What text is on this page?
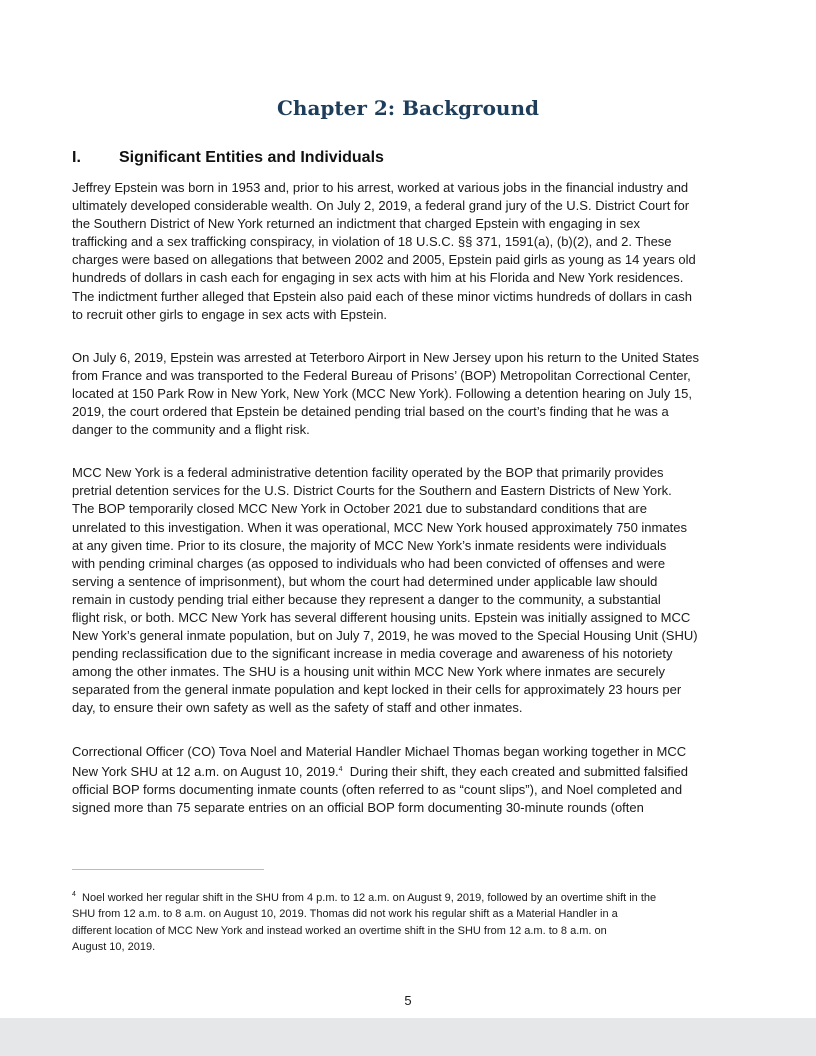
Chapter 2: Background
I. Significant Entities and Individuals
Jeffrey Epstein was born in 1953 and, prior to his arrest, worked at various jobs in the financial industry and
ultimately developed considerable wealth. On July 2, 2019, a federal grand jury of the U.S. District Court for
the Southern District of New York returned an indictment that charged Epstein with engaging in sex
trafficking and a sex trafficking conspiracy, in violation of 18 U.S.C. §§ 371, 1591(a), (b)(2), and 2. These
charges were based on allegations that between 2002 and 2005, Epstein paid girls as young as 14 years old
hundreds of dollars in cash each for engaging in sex acts with him at his Florida and New York residences.
The indictment further alleged that Epstein also paid each of these minor victims hundreds of dollars in cash
to recruit other girls to engage in sex acts with Epstein.
On July 6, 2019, Epstein was arrested at Teterboro Airport in New Jersey upon his return to the United States
from France and was transported to the Federal Bureau of Prisons’ (BOP) Metropolitan Correctional Center,
located at 150 Park Row in New York, New York (MCC New York). Following a detention hearing on July 15,
2019, the court ordered that Epstein be detained pending trial based on the court’s finding that he was a
danger to the community and a flight risk.
MCC New York is a federal administrative detention facility operated by the BOP that primarily provides
pretrial detention services for the U.S. District Courts for the Southern and Eastern Districts of New York.
The BOP temporarily closed MCC New York in October 2021 due to substandard conditions that are
unrelated to this investigation. When it was operational, MCC New York housed approximately 750 inmates
at any given time. Prior to its closure, the majority of MCC New York’s inmate residents were individuals
with pending criminal charges (as opposed to individuals who had been convicted of offenses and were
serving a sentence of imprisonment), but whom the court had determined under applicable law should
remain in custody pending trial either because they represent a danger to the community, a substantial
flight risk, or both. MCC New York has several different housing units. Epstein was initially assigned to MCC
New York’s general inmate population, but on July 7, 2019, he was moved to the Special Housing Unit (SHU)
pending reclassification due to the significant increase in media coverage and awareness of his notoriety
among the other inmates. The SHU is a housing unit within MCC New York where inmates are securely
separated from the general inmate population and kept locked in their cells for approximately 23 hours per
day, to ensure their own safety as well as the safety of staff and other inmates.
Correctional Officer (CO) Tova Noel and Material Handler Michael Thomas began working together in MCC
New York SHU at 12 a.m. on August 10, 2019.$^4$  During their shift, they each created and submitted falsified
official BOP forms documenting inmate counts (often referred to as “count slips”), and Noel completed and
signed more than 75 separate entries on an official BOP form documenting 30-minute rounds (often
$^4$  Noel worked her regular shift in the SHU from 4 p.m. to 12 a.m. on August 9, 2019, followed by an overtime shift in the
SHU from 12 a.m. to 8 a.m. on August 10, 2019. Thomas did not work his regular shift as a Material Handler in a
different location of MCC New York and instead worked an overtime shift in the SHU from 12 a.m. to 8 a.m. on
August 10, 2019.
5
